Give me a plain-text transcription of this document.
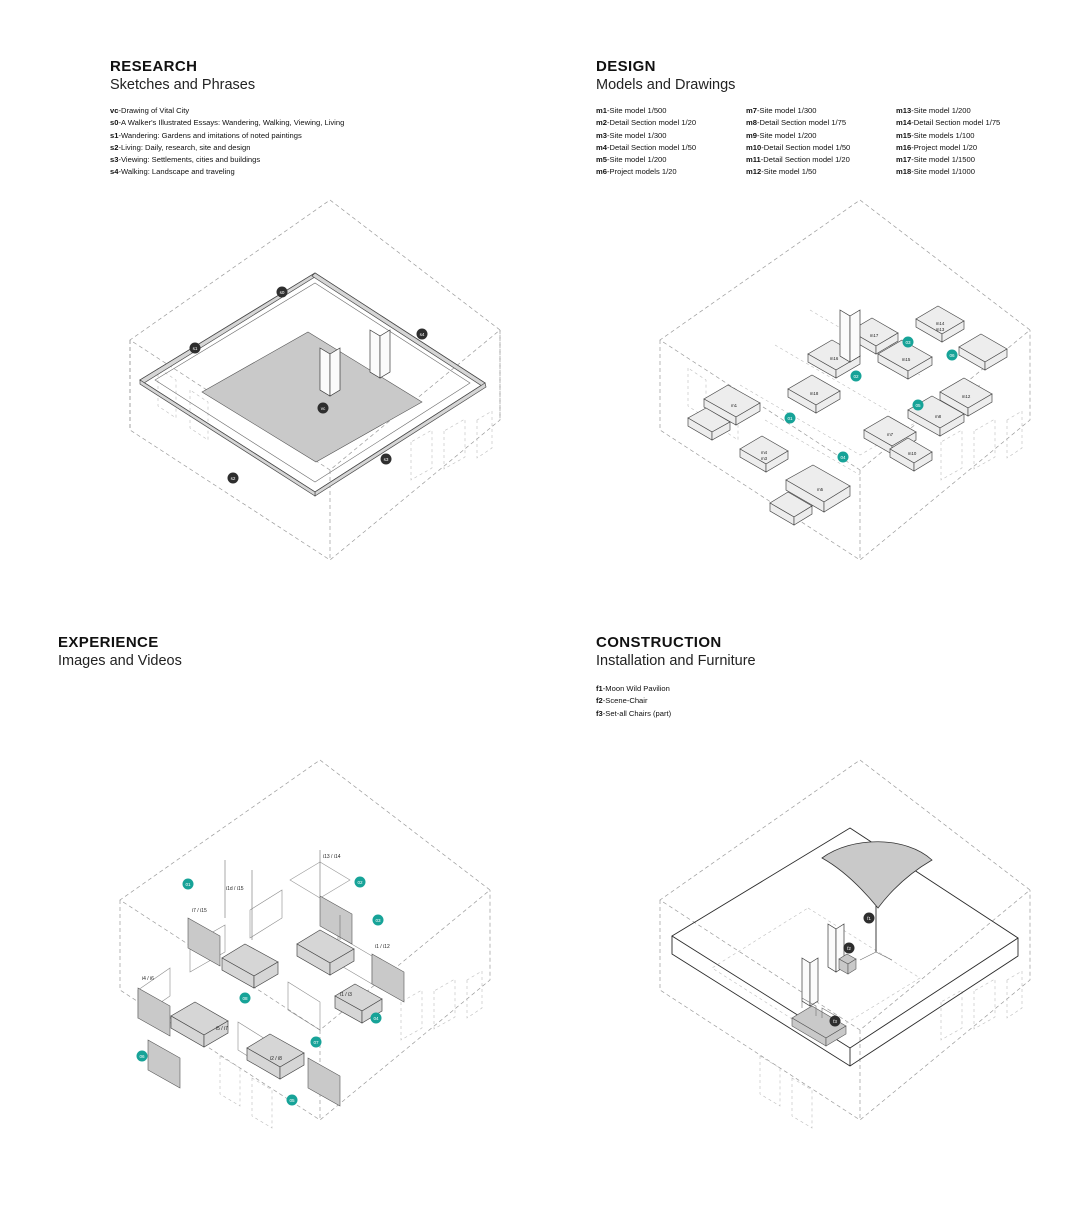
RESEARCH
Sketches and Phrases
vc-Drawing of Vital City
s0-A Walker's Illustrated Essays: Wandering, Walking, Viewing, Living
s1-Wandering: Gardens and imitations of noted paintings
s2-Living: Daily, research, site and design
s3-Viewing: Settlements, cities and buildings
s4-Walking: Landscape and traveling
s0
s1
s2
s3
s4
vc
DESIGN
Models and Drawings
m1-Site model 1/500
m2-Detail Section model 1/20
m3-Site model 1/300
m4-Detail Section model 1/50
m5-Site model 1/200
m6-Project models 1/20
m7-Site model 1/300
m8-Detail Section model 1/75
m9-Site model 1/200
m10-Detail Section model 1/50
m11-Detail Section model 1/20
m12-Site model 1/50
m13-Site model 1/200
m14-Detail Section model 1/75
m15-Site models 1/100
m16-Project model 1/20
m17-Site model 1/1500
m18-Site model 1/1000
m16
m17
m14
m13
m18
m15
m1
m4
m3
m5
m7
m8
m12
m10
01
02
03
04
05
06
EXPERIENCE
Images and Videos
i4 / i6
i13 / i14
i7 / i15
i1 / i12
i5 / i7
i2 / i8
i1 / i3
i1d / i15
01	02
03
04
05
06
07
08
CONSTRUCTION
Installation and Furniture
f1-Moon Wild Pavilion
f2-Scene-Chair
f3-Set-all Chairs (part)
f1
f2
f3
